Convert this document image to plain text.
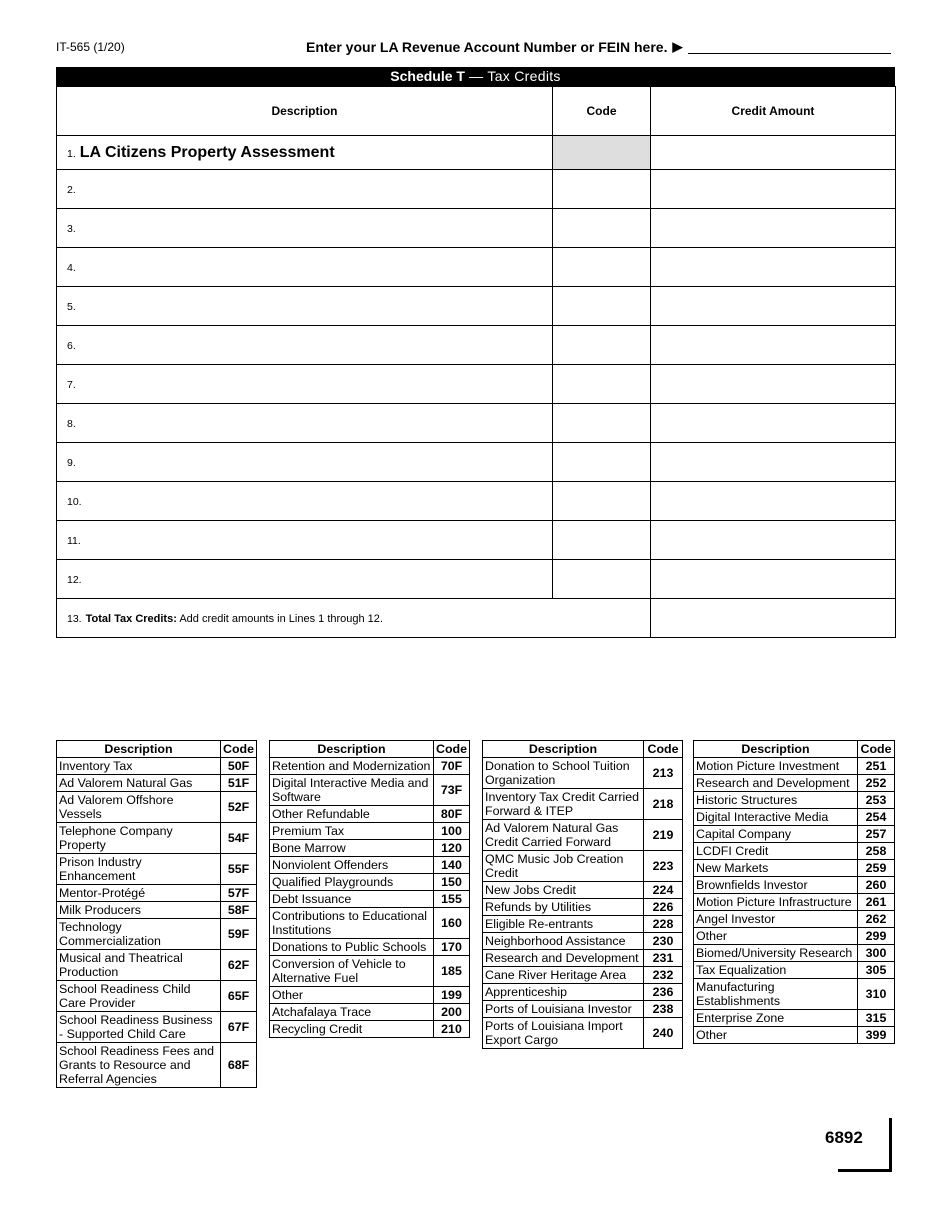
IT-565 (1/20)	Enter your LA Revenue Account Number or FEIN here. ▶
Schedule T — Tax Credits
Description	Code	Credit Amount
1. LA Citizens Property Assessment		
2.		
3.		
4.		
5.		
6.		
7.		
8.		
9.		
10.		
11.		
12.		
13. Total Tax Credits: Add credit amounts in Lines 1 through 12.		
Description	Code
Inventory Tax	50F
Ad Valorem Natural Gas	51F
Ad Valorem Offshore Vessels	52F
Telephone Company Property	54F
Prison Industry Enhancement	55F
Mentor-Protégé	57F
Milk Producers	58F
Technology Commercialization	59F
Musical and Theatrical Production	62F
School Readiness Child Care Provider	65F
School Readiness Business - Supported Child Care	67F
School Readiness Fees and Grants to Resource and Referral Agencies	68F
Description	Code
Retention and Modernization	70F
Digital Interactive Media and Software	73F
Other Refundable	80F
Premium Tax	100
Bone Marrow	120
Nonviolent Offenders	140
Qualified Playgrounds	150
Debt Issuance	155
Contributions to Educational Institutions	160
Donations to Public Schools	170
Conversion of Vehicle to Alternative Fuel	185
Other	199
Atchafalaya Trace	200
Recycling Credit	210
Description	Code
Donation to School Tuition Organization	213
Inventory Tax Credit Carried Forward & ITEP	218
Ad Valorem Natural Gas Credit Carried Forward	219
QMC Music Job Creation Credit	223
New Jobs Credit	224
Refunds by Utilities	226
Eligible Re-entrants	228
Neighborhood Assistance	230
Research and Development	231
Cane River Heritage Area	232
Apprenticeship	236
Ports of Louisiana Investor	238
Ports of Louisiana Import Export Cargo	240
Description	Code
Motion Picture Investment	251
Research and Development	252
Historic Structures	253
Digital Interactive Media	254
Capital Company	257
LCDFI Credit	258
New Markets	259
Brownfields Investor	260
Motion Picture Infrastructure	261
Angel Investor	262
Other	299
Biomed/University Research	300
Tax Equalization	305
Manufacturing Establishments	310
Enterprise Zone	315
Other	399
6892
